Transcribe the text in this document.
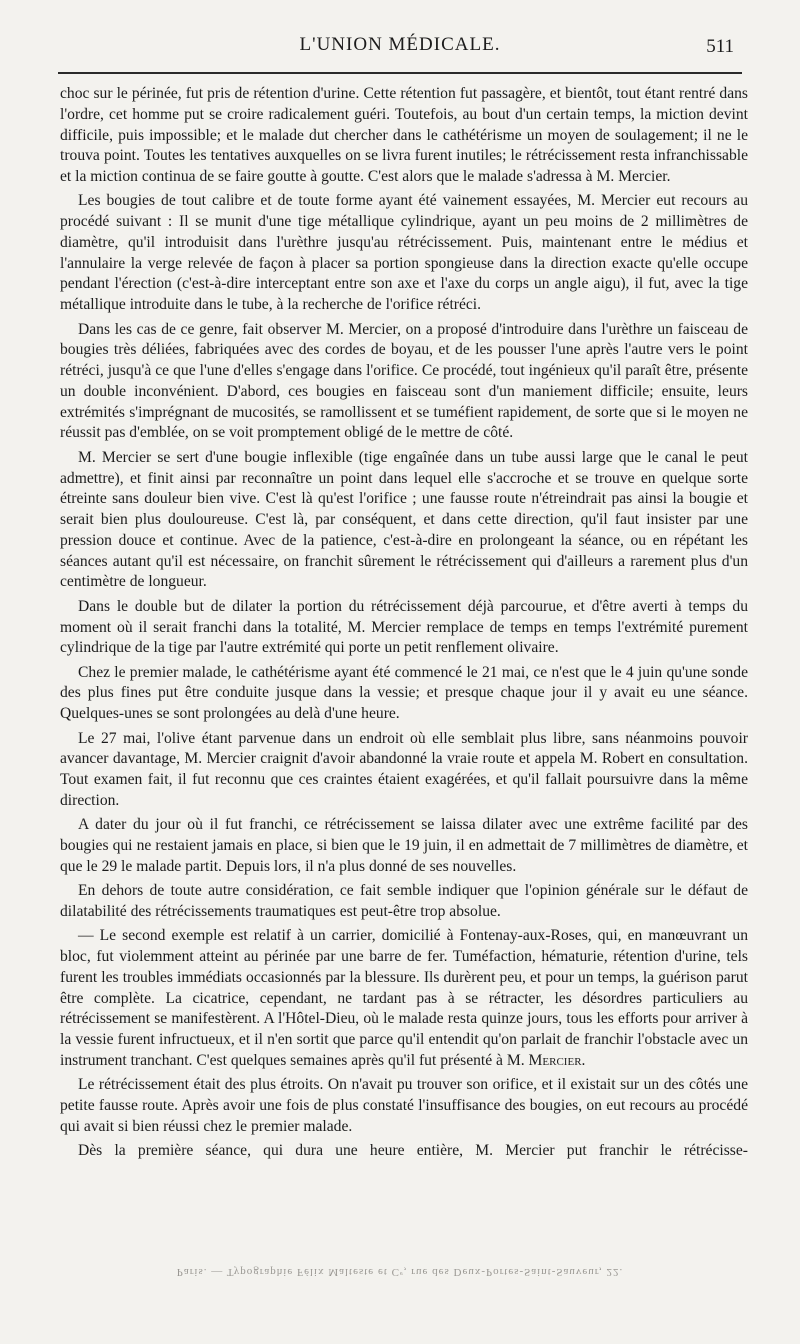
L'UNION MÉDICALE.	511

choc sur le périnée, fut pris de rétention d'urine. Cette rétention fut passagère, et bientôt, tout étant rentré dans l'ordre, cet homme put se croire radicalement guéri. Toutefois, au bout d'un certain temps, la miction devint difficile, puis impossible; et le malade dut chercher dans le cathétérisme un moyen de soulagement; il ne le trouva point. Toutes les tentatives auxquelles on se livra furent inutiles; le rétrécissement resta infranchissable et la miction continua de se faire goutte à goutte. C'est alors que le malade s'adressa à M. Mercier.

Les bougies de tout calibre et de toute forme ayant été vainement essayées, M. Mercier eut recours au procédé suivant : Il se munit d'une tige métallique cylindrique, ayant un peu moins de 2 millimètres de diamètre, qu'il introduisit dans l'urèthre jusqu'au rétrécissement. Puis, maintenant entre le médius et l'annulaire la verge relevée de façon à placer sa portion spongieuse dans la direction exacte qu'elle occupe pendant l'érection (c'est-à-dire interceptant entre son axe et l'axe du corps un angle aigu), il fut, avec la tige métallique introduite dans le tube, à la recherche de l'orifice rétréci.

Dans les cas de ce genre, fait observer M. Mercier, on a proposé d'introduire dans l'urèthre un faisceau de bougies très déliées, fabriquées avec des cordes de boyau, et de les pousser l'une après l'autre vers le point rétréci, jusqu'à ce que l'une d'elles s'engage dans l'orifice. Ce procédé, tout ingénieux qu'il paraît être, présente un double inconvénient. D'abord, ces bougies en faisceau sont d'un maniement difficile; ensuite, leurs extrémités s'imprégnant de mucosités, se ramollissent et se tuméfient rapidement, de sorte que si le moyen ne réussit pas d'emblée, on se voit promptement obligé de le mettre de côté.

M. Mercier se sert d'une bougie inflexible (tige engaînée dans un tube aussi large que le canal le peut admettre), et finit ainsi par reconnaître un point dans lequel elle s'accroche et se trouve en quelque sorte étreinte sans douleur bien vive. C'est là qu'est l'orifice ; une fausse route n'étreindrait pas ainsi la bougie et serait bien plus douloureuse. C'est là, par conséquent, et dans cette direction, qu'il faut insister par une pression douce et continue. Avec de la patience, c'est-à-dire en prolongeant la séance, ou en répétant les séances autant qu'il est nécessaire, on franchit sûrement le rétrécissement qui d'ailleurs a rarement plus d'un centimètre de longueur.

Dans le double but de dilater la portion du rétrécissement déjà parcourue, et d'être averti à temps du moment où il serait franchi dans la totalité, M. Mercier remplace de temps en temps l'extrémité purement cylindrique de la tige par l'autre extrémité qui porte un petit renflement olivaire.

Chez le premier malade, le cathétérisme ayant été commencé le 21 mai, ce n'est que le 4 juin qu'une sonde des plus fines put être conduite jusque dans la vessie; et presque chaque jour il y avait eu une séance. Quelques-unes se sont prolongées au delà d'une heure.

Le 27 mai, l'olive étant parvenue dans un endroit où elle semblait plus libre, sans néanmoins pouvoir avancer davantage, M. Mercier craignit d'avoir abandonné la vraie route et appela M. Robert en consultation. Tout examen fait, il fut reconnu que ces craintes étaient exagérées, et qu'il fallait poursuivre dans la même direction.

A dater du jour où il fut franchi, ce rétrécissement se laissa dilater avec une extrême facilité par des bougies qui ne restaient jamais en place, si bien que le 19 juin, il en admettait de 7 millimètres de diamètre, et que le 29 le malade partit. Depuis lors, il n'a plus donné de ses nouvelles.

En dehors de toute autre considération, ce fait semble indiquer que l'opinion générale sur le défaut de dilatabilité des rétrécissements traumatiques est peut-être trop absolue.

— Le second exemple est relatif à un carrier, domicilié à Fontenay-aux-Roses, qui, en manœuvrant un bloc, fut violemment atteint au périnée par une barre de fer. Tuméfaction, hématurie, rétention d'urine, tels furent les troubles immédiats occasionnés par la blessure. Ils durèrent peu, et pour un temps, la guérison parut être complète. La cicatrice, cependant, ne tardant pas à se rétracter, les désordres particuliers au rétrécissement se manifestèrent. A l'Hôtel-Dieu, où le malade resta quinze jours, tous les efforts pour arriver à la vessie furent infructueux, et il n'en sortit que parce qu'il entendit qu'on parlait de franchir l'obstacle avec un instrument tranchant. C'est quelques semaines après qu'il fut présenté à M. Mercier.

Le rétrécissement était des plus étroits. On n'avait pu trouver son orifice, et il existait sur un des côtés une petite fausse route. Après avoir une fois de plus constaté l'insuffisance des bougies, on eut recours au procédé qui avait si bien réussi chez le premier malade.

Dès la première séance, qui dura une heure entière, M. Mercier put franchir le rétrécisse-

Paris. — Typographie Félix Malteste et Cᵉ, rue des Deux-Portes-Saint-Sauveur, 22.
